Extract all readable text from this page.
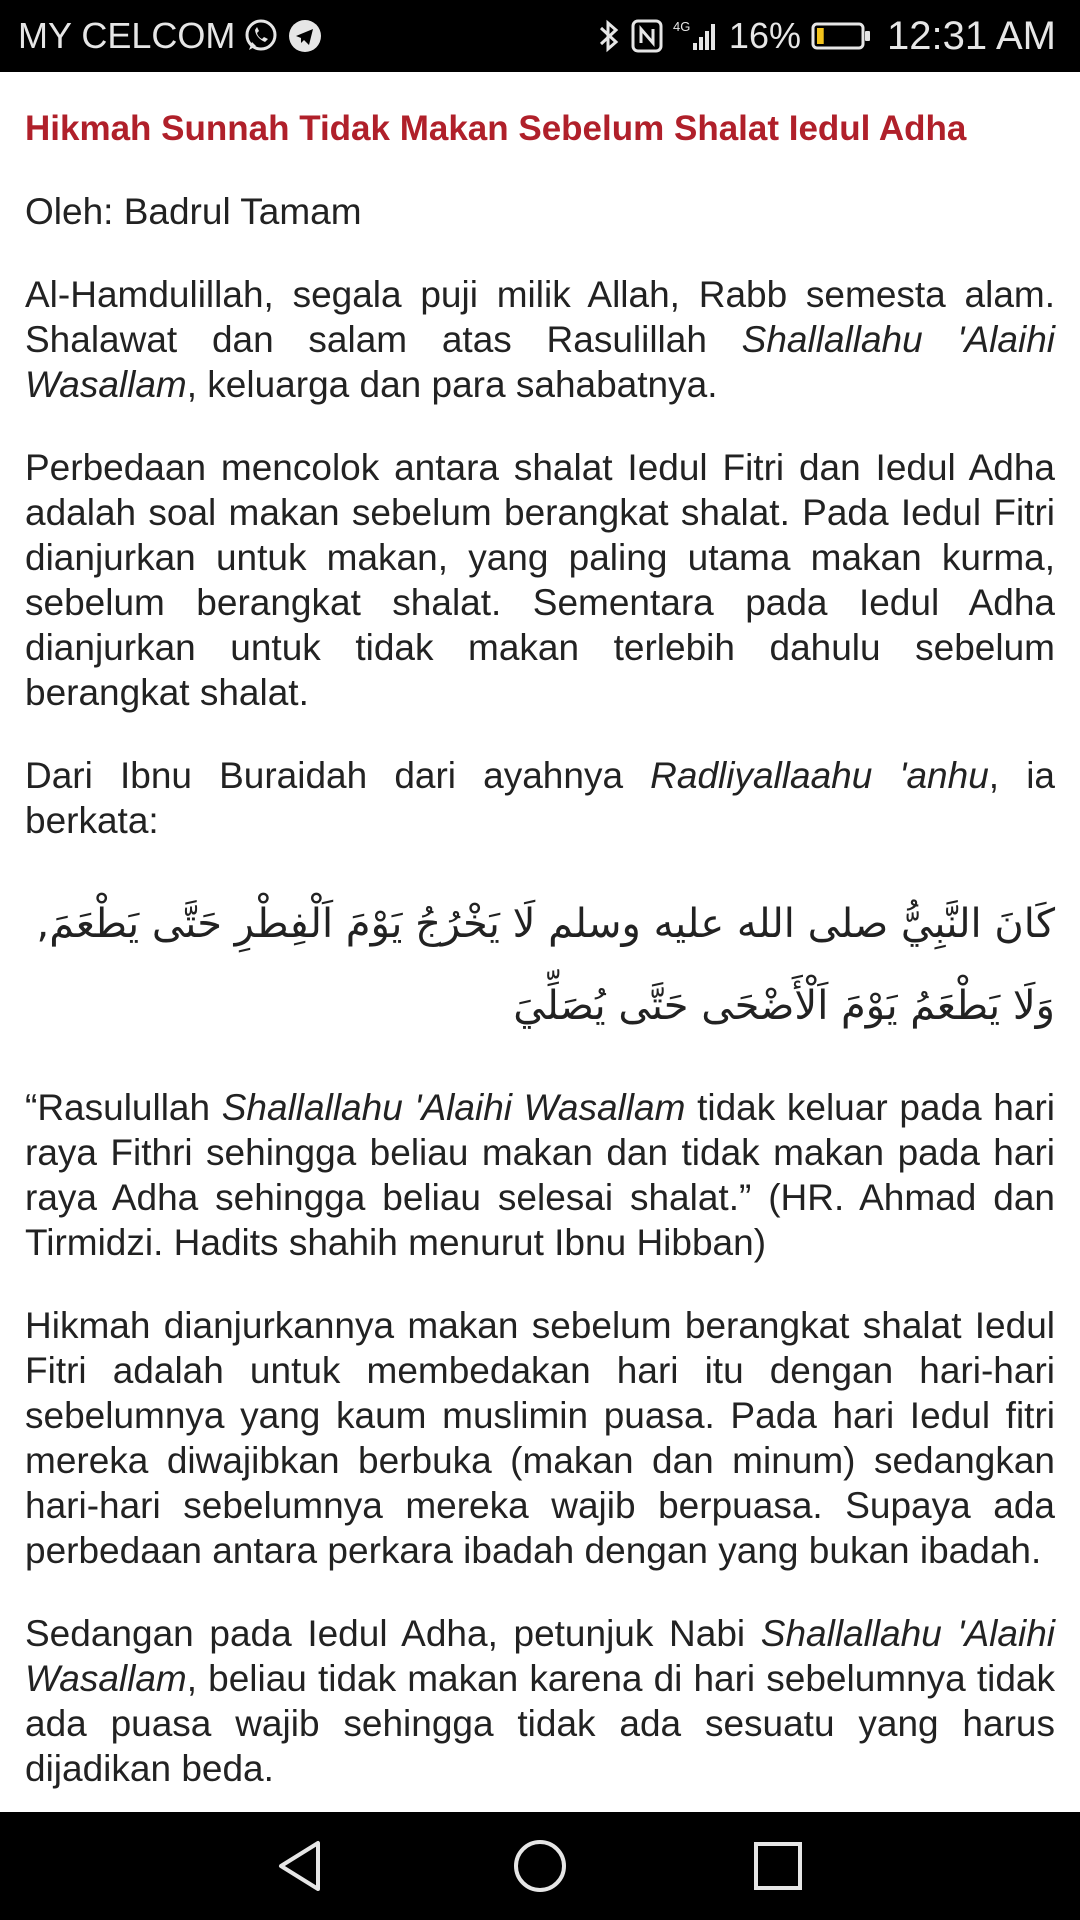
MY CELCOM	4G 16% 12:31 AM
Hikmah Sunnah Tidak Makan Sebelum Shalat Iedul Adha
Oleh: Badrul Tamam

Al-Hamdulillah, segala puji milik Allah, Rabb semesta alam. Shalawat dan salam atas Rasulillah Shallallahu 'Alaihi Wasallam, keluarga dan para sahabatnya.

Perbedaan mencolok antara shalat Iedul Fitri dan Iedul Adha adalah soal makan sebelum berangkat shalat. Pada Iedul Fitri dianjurkan untuk makan, yang paling utama makan kurma, sebelum berangkat shalat. Sementara pada Iedul Adha dianjurkan untuk tidak makan terlebih dahulu sebelum berangkat shalat.

Dari Ibnu Buraidah dari ayahnya Radliyallaahu 'anhu, ia berkata:

كَانَ النَّبِيُّ صلى الله عليه وسلم لَا يَخْرُجُ يَوْمَ اَلْفِطْرِ حَتَّى يَطْعَمَ, وَلَا يَطْعَمُ يَوْمَ اَلْأَضْحَى حَتَّى يُصَلِّيَ

“Rasulullah Shallallahu 'Alaihi Wasallam tidak keluar pada hari raya Fithri sehingga beliau makan dan tidak makan pada hari raya Adha sehingga beliau selesai shalat.” (HR. Ahmad dan Tirmidzi. Hadits shahih menurut Ibnu Hibban)

Hikmah dianjurkannya makan sebelum berangkat shalat Iedul Fitri adalah untuk membedakan hari itu dengan hari-hari sebelumnya yang kaum muslimin puasa. Pada hari Iedul fitri mereka diwajibkan berbuka (makan dan minum) sedangkan hari-hari sebelumnya mereka wajib berpuasa. Supaya ada perbedaan antara perkara ibadah dengan yang bukan ibadah.

Sedangan pada Iedul Adha, petunjuk Nabi Shallallahu 'Alaihi Wasallam, beliau tidak makan karena di hari sebelumnya tidak ada puasa wajib sehingga tidak ada sesuatu yang harus dijadikan beda.
